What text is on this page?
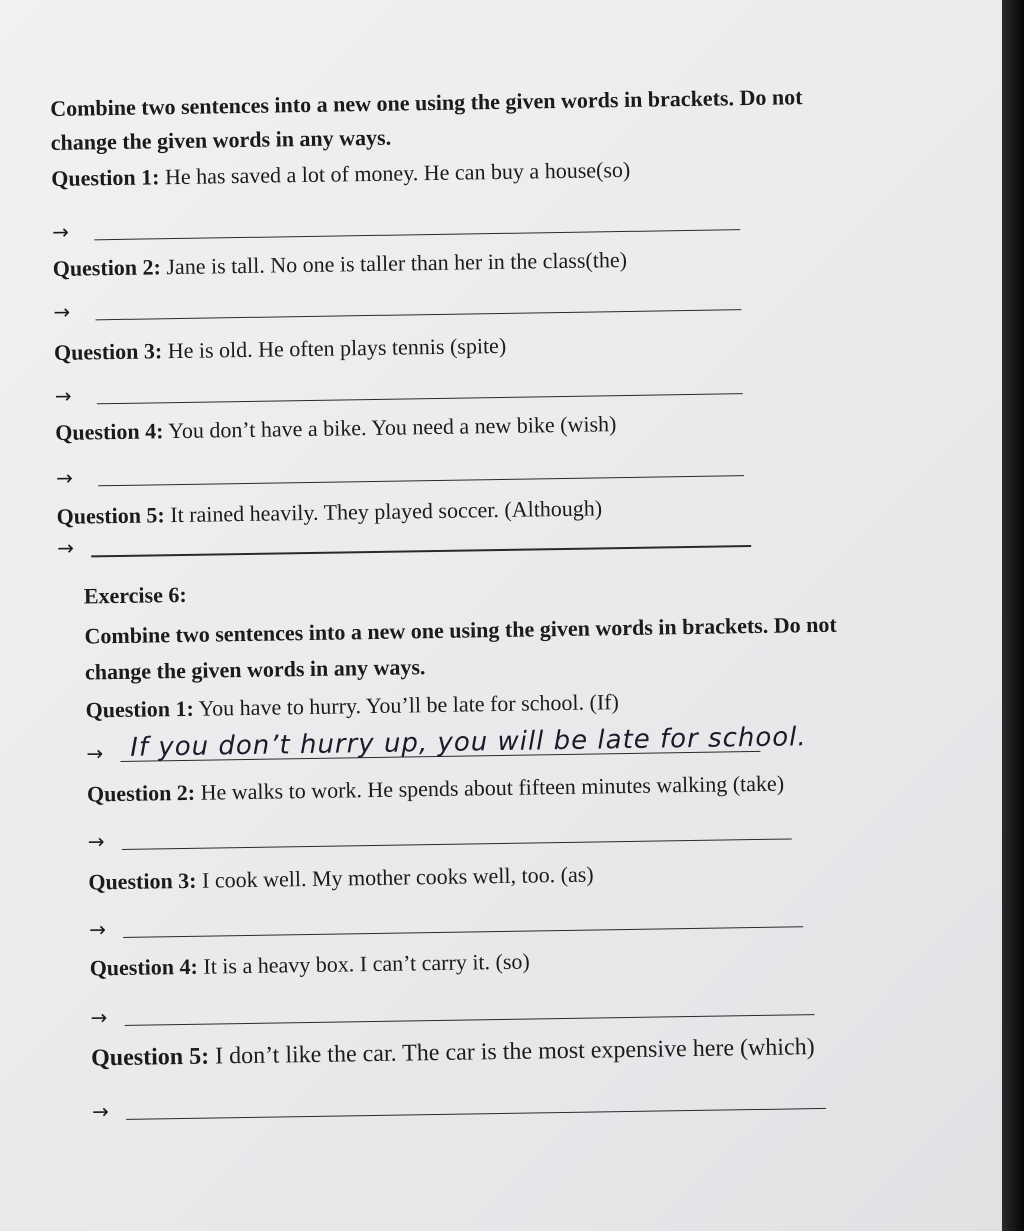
Combine two sentences into a new one using the given words in brackets. Do not
change the given words in any ways.
Question 1: He has saved a lot of money. He can buy a house(so)
→
Question 2: Jane is tall. No one is taller than her in the class(the)
→
Question 3: He is old. He often plays tennis (spite)
→
Question 4: You don’t have a bike. You need a new bike (wish)
→
Question 5: It rained heavily. They played soccer. (Although)
→
Exercise 6:
Combine two sentences into a new one using the given words in brackets. Do not
change the given words in any ways.
Question 1: You have to hurry. You’ll be late for school. (If)
→ If you don’t hurry up, you will be late for school.
Question 2: He walks to work. He spends about fifteen minutes walking (take)
→
Question 3: I cook well. My mother cooks well, too. (as)
→
Question 4: It is a heavy box. I can’t carry it. (so)
→
Question 5: I don’t like the car. The car is the most expensive here (which)
→
